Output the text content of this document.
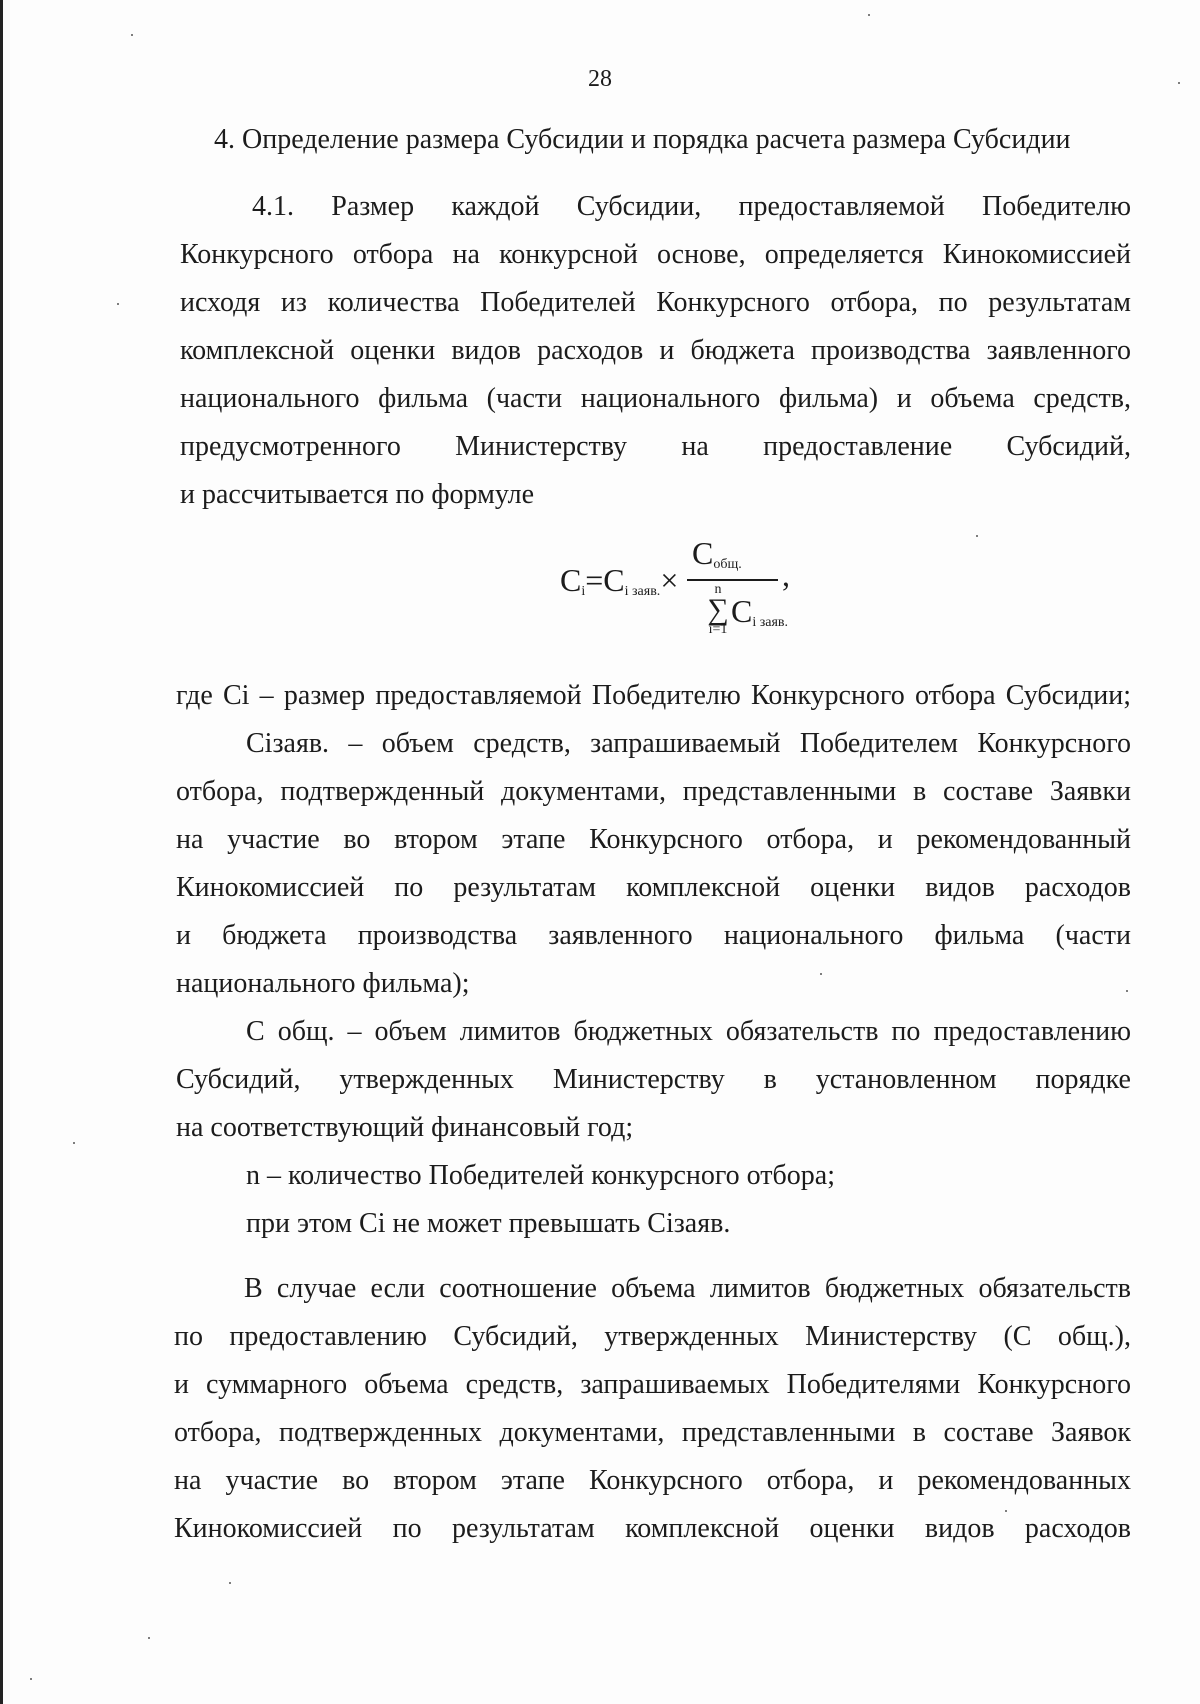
28
4. Определение размера Субсидии и порядка расчета размера Субсидии
4.1. Размер каждой Субсидии, предоставляемой Победителю
Конкурсного отбора на конкурсной основе, определяется Кинокомиссией
исходя из количества Победителей Конкурсного отбора, по результатам
комплексной оценки видов расходов и бюджета производства заявленного
национального фильма (части национального фильма) и объема средств,
предусмотренного Министерству на предоставление Субсидий,
и рассчитывается по формуле
$C_i=C_{i заяв.}\times$
$C_{общ.}$ ,
n
∑
i=1
$C_{i заяв.}$
где Сi – размер предоставляемой Победителю Конкурсного отбора Субсидии;
Сiзаяв. – объем средств, запрашиваемый Победителем Конкурсного
отбора, подтвержденный документами, представленными в составе Заявки
на участие во втором этапе Конкурсного отбора, и рекомендованный
Кинокомиссией по результатам комплексной оценки видов расходов
и бюджета производства заявленного национального фильма (части
национального фильма);
С общ. – объем лимитов бюджетных обязательств по предоставлению
Субсидий, утвержденных Министерству в установленном порядке
на соответствующий финансовый год;
n – количество Победителей конкурсного отбора;
при этом Сi не может превышать Сiзаяв.
В случае если соотношение объема лимитов бюджетных обязательств
по предоставлению Субсидий, утвержденных Министерству (С общ.),
и суммарного объема средств, запрашиваемых Победителями Конкурсного
отбора, подтвержденных документами, представленными в составе Заявок
на участие во втором этапе Конкурсного отбора, и рекомендованных
Кинокомиссией по результатам комплексной оценки видов расходов
